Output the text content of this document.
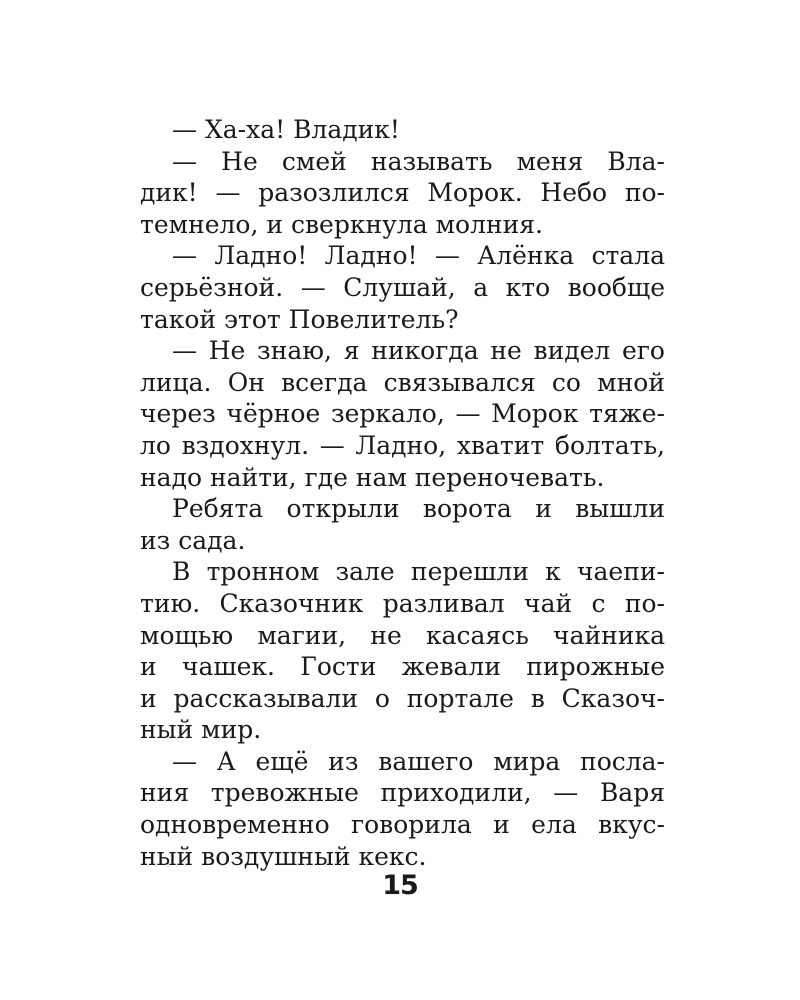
— Ха-ха! Владик!
— Не смей называть меня Вла-
дик! — разозлился Морок. Небо по-
темнело, и сверкнула молния.
— Ладно! Ладно! — Алёнка стала
серьёзной. — Слушай, а кто вообще
такой этот Повелитель?
— Не знаю, я никогда не видел его
лица. Он всегда связывался со мной
через чёрное зеркало, — Морок тяже-
ло вздохнул. — Ладно, хватит болтать,
надо найти, где нам переночевать.
Ребята открыли ворота и вышли
из сада.
В тронном зале перешли к чаепи-
тию. Сказочник разливал чай с по-
мощью магии, не касаясь чайника
и чашек. Гости жевали пирожные
и рассказывали о портале в Сказоч-
ный мир.
— А ещё из вашего мира посла-
ния тревожные приходили, — Варя
одновременно говорила и ела вкус-
ный воздушный кекс.
15
